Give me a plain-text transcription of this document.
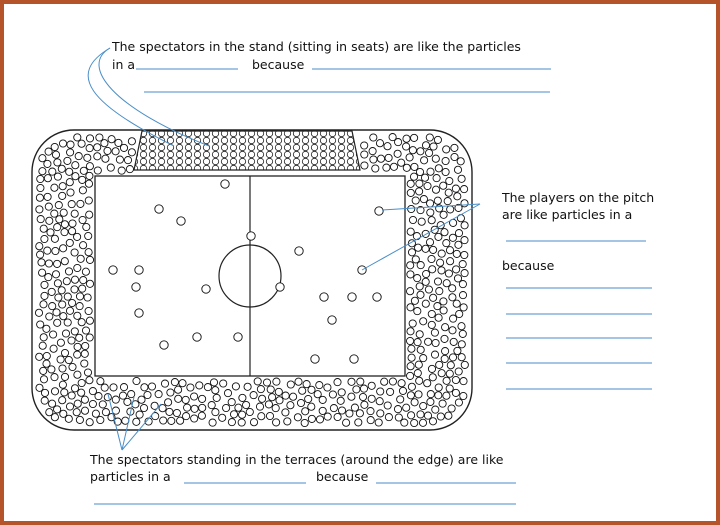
The spectators in the stand (sitting in seats) are like the particles
in a	because
The players on the pitch
are like particles in a
because
The spectators standing in the terraces (around the edge) are like
particles in a	because
